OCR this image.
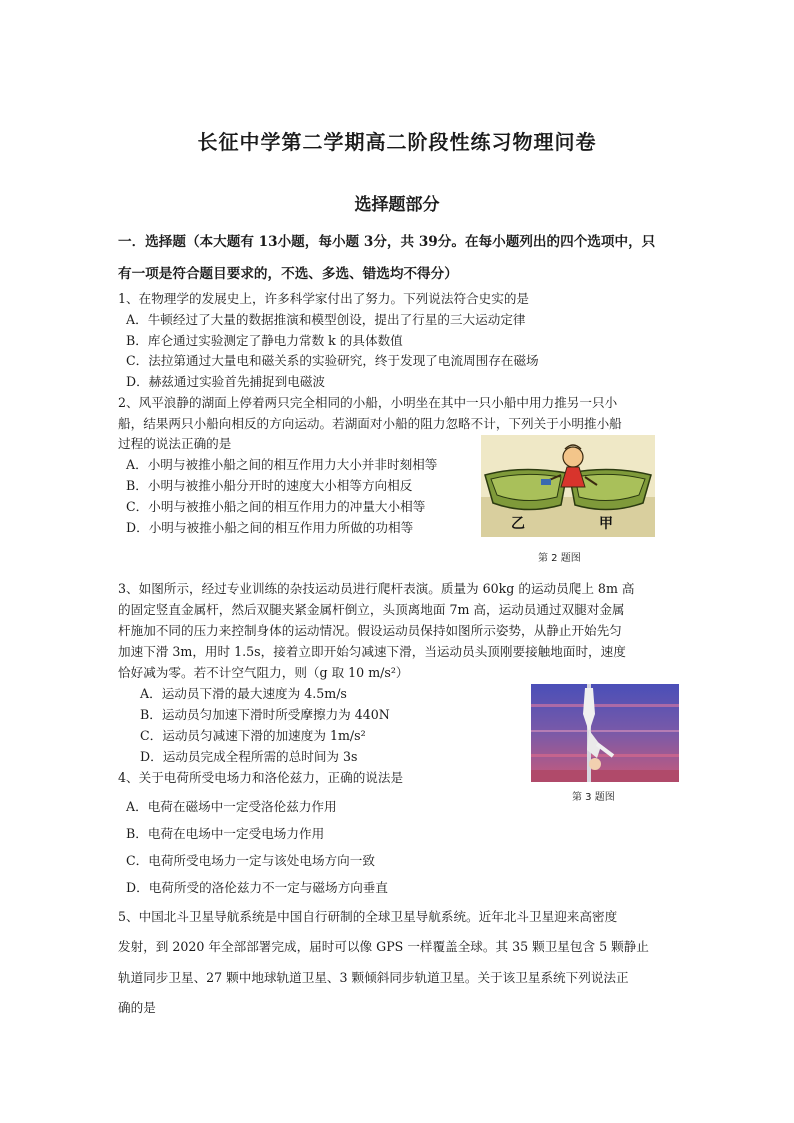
长征中学第二学期高二阶段性练习物理问卷
选择题部分
一．选择题（本大题有 13小题，每小题 3分，共 39分。在每小题列出的四个选项中，只
有一项是符合题目要求的，不选、多选、错选均不得分）
1、在物理学的发展史上，许多科学家付出了努力。下列说法符合史实的是
A．牛顿经过了大量的数据推演和模型创设，提出了行星的三大运动定律
B．库仑通过实验测定了静电力常数 k 的具体数值
C．法拉第通过大量电和磁关系的实验研究，终于发现了电流周围存在磁场
D．赫兹通过实验首先捕捉到电磁波
2、风平浪静的湖面上停着两只完全相同的小船，小明坐在其中一只小船中用力推另一只小
船，结果两只小船向相反的方向运动。若湖面对小船的阻力忽略不计，下列关于小明推小船
过程的说法正确的是
A．小明与被推小船之间的相互作用力大小并非时刻相等
B．小明与被推小船分开时的速度大小相等方向相反
C．小明与被推小船之间的相互作用力的冲量大小相等
D．小明与被推小船之间的相互作用力所做的功相等	乙	甲
第 2 题图
3、如图所示，经过专业训练的杂技运动员进行爬杆表演。质量为 60kg 的运动员爬上 8m 高
的固定竖直金属杆，然后双腿夹紧金属杆倒立，头顶离地面 7m 高，运动员通过双腿对金属
杆施加不同的压力来控制身体的运动情况。假设运动员保持如图所示姿势，从静止开始先匀
加速下滑 3m，用时 1.5s，接着立即开始匀减速下滑，当运动员头顶刚要接触地面时，速度
恰好减为零。若不计空气阻力，则（g 取 10 m/s²）
A．运动员下滑的最大速度为 4.5m/s
B．运动员匀加速下滑时所受摩擦力为 440N
C．运动员匀减速下滑的加速度为 1m/s²
D．运动员完成全程所需的总时间为 3s
第 3 题图
4、关于电荷所受电场力和洛伦兹力，正确的说法是
A．电荷在磁场中一定受洛伦兹力作用
B．电荷在电场中一定受电场力作用
C．电荷所受电场力一定与该处电场方向一致
D．电荷所受的洛伦兹力不一定与磁场方向垂直
5、中国北斗卫星导航系统是中国自行研制的全球卫星导航系统。近年北斗卫星迎来高密度
发射，到 2020 年全部部署完成，届时可以像 GPS 一样覆盖全球。其 35 颗卫星包含 5 颗静止
轨道同步卫星、27 颗中地球轨道卫星、3 颗倾斜同步轨道卫星。关于该卫星系统下列说法正
确的是
